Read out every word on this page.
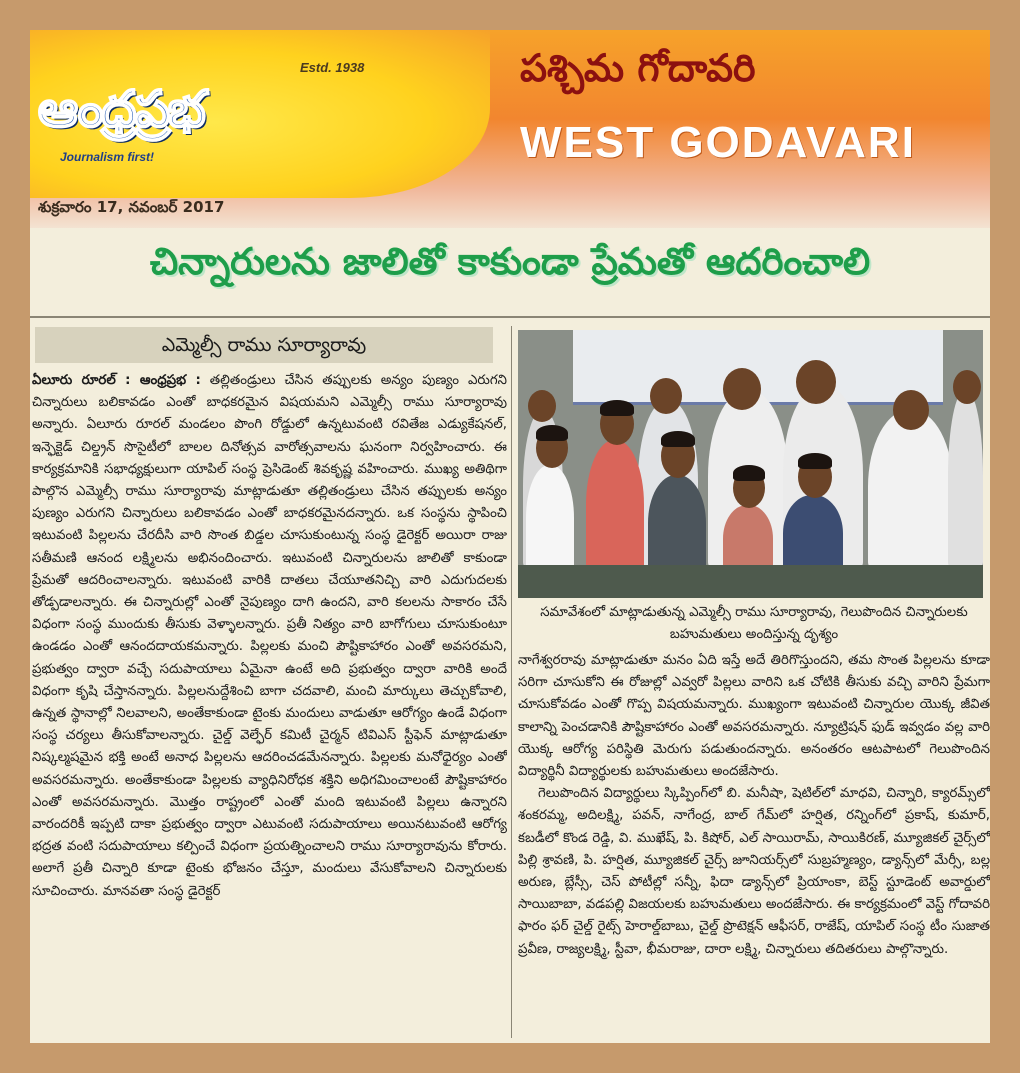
Estd. 1938
ఆంధ్రప్రభ
Journalism first!
శుక్రవారం 17, నవంబర్ 2017
పశ్చిమ గోదావరి
WEST GODAVARI
చిన్నారులను జాలితో కాకుండా ప్రేమతో ఆదరించాలి
ఎమ్మెల్సీ రాము సూర్యారావు

ఏలూరు రూరల్ : ఆంధ్రప్రభ : తల్లితండ్రులు చేసిన తప్పులకు అన్యం పుణ్యం ఎరుగని చిన్నారులు బలికావడం ఎంతో బాధకరమైన విషయమని ఎమ్మెల్సీ రాము సూర్యారావు అన్నారు. ఏలూరు రూరల్ మండలం పొంగి రోడ్డులో ఉన్నటువంటి రవితేజ ఎడ్యుకేషనల్, ఇన్ఫెక్టెడ్ చిల్డ్రన్ సొసైటీలో బాలల దినోత్సవ వారోత్సవాలను ఘనంగా నిర్వహించారు. ఈ కార్యక్రమానికి సభాధ్యక్షులుగా యాపిల్ సంస్థ ప్రెసిడెంట్ శివకృష్ణ వహించారు. ముఖ్య అతిథిగా పాల్గొన ఎమ్మెల్సీ రాము సూర్యారావు మాట్లాడుతూ తల్లితండ్రులు చేసిన తప్పులకు అన్యం పుణ్యం ఎరుగని చిన్నారులు బలికావడం ఎంతో బాధకరమైనదన్నారు. ఒక సంస్థను స్థాపించి ఇటువంటి పిల్లలను చేరదీసి వారి సొంత బిడ్డల చూసుకుంటున్న సంస్థ డైరెక్టర్ అయిరా రాజు సతీమణి ఆనంద లక్ష్మిలను అభినందించారు. ఇటువంటి చిన్నారులను జాలితో కాకుండా ప్రేమతో ఆదరించాలన్నారు. ఇటువంటి వారికి దాతలు చేయూతనిచ్చి వారి ఎదుగుదలకు తోడ్పడాలన్నారు. ఈ చిన్నారుల్లో ఎంతో నైపుణ్యం దాగి ఉందని, వారి కలలను సాకారం చేసే విధంగా సంస్థ ముందుకు తీసుకు వెళ్ళాలన్నారు. ప్రతీ నిత్యం వారి బాగోగులు చూసుకుంటూ ఉండడం ఎంతో ఆనందదాయకమన్నారు. పిల్లలకు మంచి పౌష్టికాహారం ఎంతో అవసరమని, ప్రభుత్వం ద్వారా వచ్చే సదుపాయాలు ఏమైనా ఉంటే అది ప్రభుత్వం ద్వారా వారికి అందే విధంగా కృషి చేస్తానన్నారు. పిల్లలనుద్దేశించి బాగా చదవాలి, మంచి మార్కులు తెచ్చుకోవాలి, ఉన్నత స్థానాల్లో నిలవాలని, అంతేకాకుండా టైంకు మందులు వాడుతూ ఆరోగ్యం ఉండే విధంగా సంస్థ చర్యలు తీసుకోవాలన్నారు. చైల్డ్ వెల్ఫేర్ కమిటీ చైర్మన్ టివిఎస్ స్టీఫెన్ మాట్లాడుతూ నిష్కల్మషమైన భక్తి అంటే అనాధ పిల్లలను ఆదరించడమేనన్నారు. పిల్లలకు మనోధైర్యం ఎంతో అవసరమన్నారు. అంతేకాకుండా పిల్లలకు వ్యాధినిరోధక శక్తిని అధిగమించాలంటే పౌష్టికాహారం ఎంతో అవసరమన్నారు. మొత్తం రాష్ట్రంలో ఎంతో మంది ఇటువంటి పిల్లలు ఉన్నారని వారందరికీ ఇప్పటి దాకా ప్రభుత్వం ద్వారా ఎటువంటి సదుపాయాలు అయినటువంటి ఆరోగ్య భద్రత వంటి సదుపాయాలు కల్పించే విధంగా ప్రయత్నించాలని రాము సూర్యారావును కోరారు. అలాగే ప్రతీ చిన్నారి కూడా టైంకు భోజనం చేస్తూ, మందులు వేసుకోవాలని చిన్నారులకు సూచించారు. మానవతా సంస్థ డైరెక్టర్

సమావేశంలో మాట్లాడుతున్న ఎమ్మెల్సీ రాము సూర్యారావు, గెలుపొందిన చిన్నారులకు బహుమతులు అందిస్తున్న దృశ్యం

నాగేశ్వరరావు మాట్లాడుతూ మనం ఏది ఇస్తే అదే తిరిగొస్తుందని, తమ సొంత పిల్లలను కూడా సరిగా చూసుకోని ఈ రోజుల్లో ఎవ్వరో పిల్లలు వారిని ఒక చోటికి తీసుకు వచ్చి వారిని ప్రేమగా చూసుకోవడం ఎంతో గొప్ప విషయమన్నారు. ముఖ్యంగా ఇటువంటి చిన్నారుల యొక్క జీవిత కాలాన్ని పెంచడానికి పౌష్టికాహారం ఎంతో అవసరమన్నారు. న్యూట్రిషన్ ఫుడ్ ఇవ్వడం వల్ల వారి యొక్క ఆరోగ్య పరిస్థితి మెరుగు పడుతుందన్నారు. అనంతరం ఆటపాటలో గెలుపొందిన విద్యార్థినీ విద్యార్థులకు బహుమతులు అందజేసారు.

గెలుపొందిన విద్యార్థులు స్కిప్పింగ్‌లో బి. మనీషా, షెటిల్‌లో మాధవి, చిన్నారి, క్యారమ్స్‌లో శంకరమ్మ, అదిలక్ష్మి, పవన్, నాగేంద్ర, బాల్ గేమ్‌లో హర్షిత, రన్నింగ్‌లో ప్రకాష్, కుమార్, కబడీలో కొండ రెడ్డి, వి. ముఖేష్, పి. కిషోర్, ఎల్ సాయిరామ్, సాయికిరణ్, మ్యూజికల్ చైర్స్‌లో పిల్లి శ్రావణి, పి. హర్షిత, మ్యూజికల్ చైర్స్ జూనియర్స్‌లో సుబ్రహ్మణ్యం, డ్యాన్స్‌లో మేర్సీ, బల్ల అరుణ, బ్లేస్సీ, చెస్ పోటీల్లో సన్నీ, ఫిదా డ్యాన్స్‌లో ప్రియాంకా, బెస్ట్ స్టూడెంట్ అవార్డులో సాయిబాబా, వడపల్లి విజయలకు బహుమతులు అందజేసారు. ఈ కార్యక్రమంలో వెస్ట్ గోదావరి ఫారం ఫర్ చైల్డ్ రైట్స్ హెరాల్డ్‌బాబు, చైల్డ్ ప్రొటెక్షన్ ఆఫీసర్, రాజేష్, యాపిల్ సంస్థ టీం సుజాత ప్రవీణ, రాజ్యలక్ష్మి, స్టీవా, భీమరాజు, దారా లక్ష్మి, చిన్నారులు తదితరులు పాల్గొన్నారు.
